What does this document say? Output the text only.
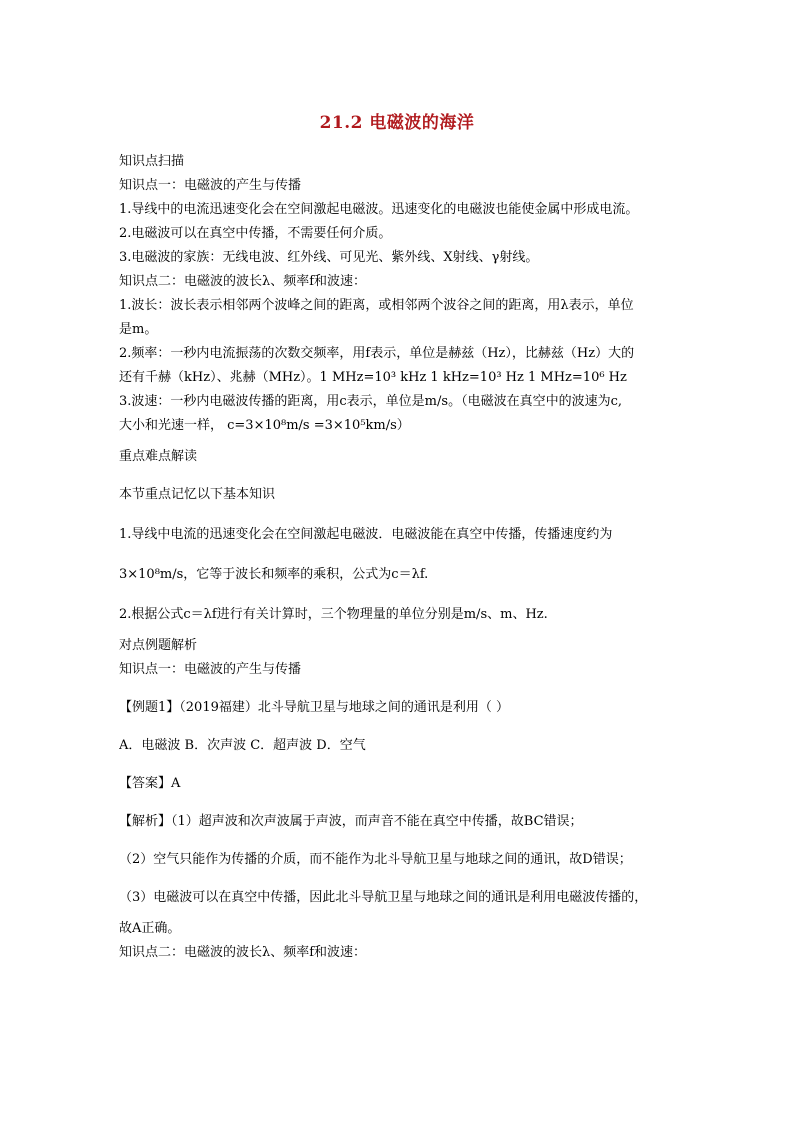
21.2 电磁波的海洋
知识点扫描
知识点一：电磁波的产生与传播
1.导线中的电流迅速变化会在空间激起电磁波。迅速变化的电磁波也能使金属中形成电流。
2.电磁波可以在真空中传播，不需要任何介质。
3.电磁波的家族：无线电波、红外线、可见光、紫外线、X射线、γ射线。
知识点二：电磁波的波长λ、频率f和波速：
1.波长：波长表示相邻两个波峰之间的距离，或相邻两个波谷之间的距离，用λ表示，单位
是m。
2.频率：一秒内电流振荡的次数交频率，用f表示，单位是赫兹（Hz），比赫兹（Hz）大的
还有千赫（kHz）、兆赫（MHz）。1 MHz=10³ kHz 1 kHz=10³ Hz 1 MHz=10⁶ Hz
3.波速：一秒内电磁波传播的距离，用c表示，单位是m/s。（电磁波在真空中的波速为c,
大小和光速一样， c=3×10⁸m/s =3×10⁵km/s）
重点难点解读
本节重点记忆以下基本知识
1.导线中电流的迅速变化会在空间激起电磁波．电磁波能在真空中传播，传播速度约为
3×10⁸m/s，它等于波长和频率的乘积，公式为c＝λf.
2.根据公式c＝λf进行有关计算时，三个物理量的单位分别是m/s、m、Hz.
对点例题解析
知识点一：电磁波的产生与传播
【例题1】（2019福建）北斗导航卫星与地球之间的通讯是利用（ ）
A．电磁波 B．次声波 C．超声波 D．空气
【答案】A
【解析】（1）超声波和次声波属于声波，而声音不能在真空中传播，故BC错误；
（2）空气只能作为传播的介质，而不能作为北斗导航卫星与地球之间的通讯，故D错误；
（3）电磁波可以在真空中传播，因此北斗导航卫星与地球之间的通讯是利用电磁波传播的，
故A正确。
知识点二：电磁波的波长λ、频率f和波速：
